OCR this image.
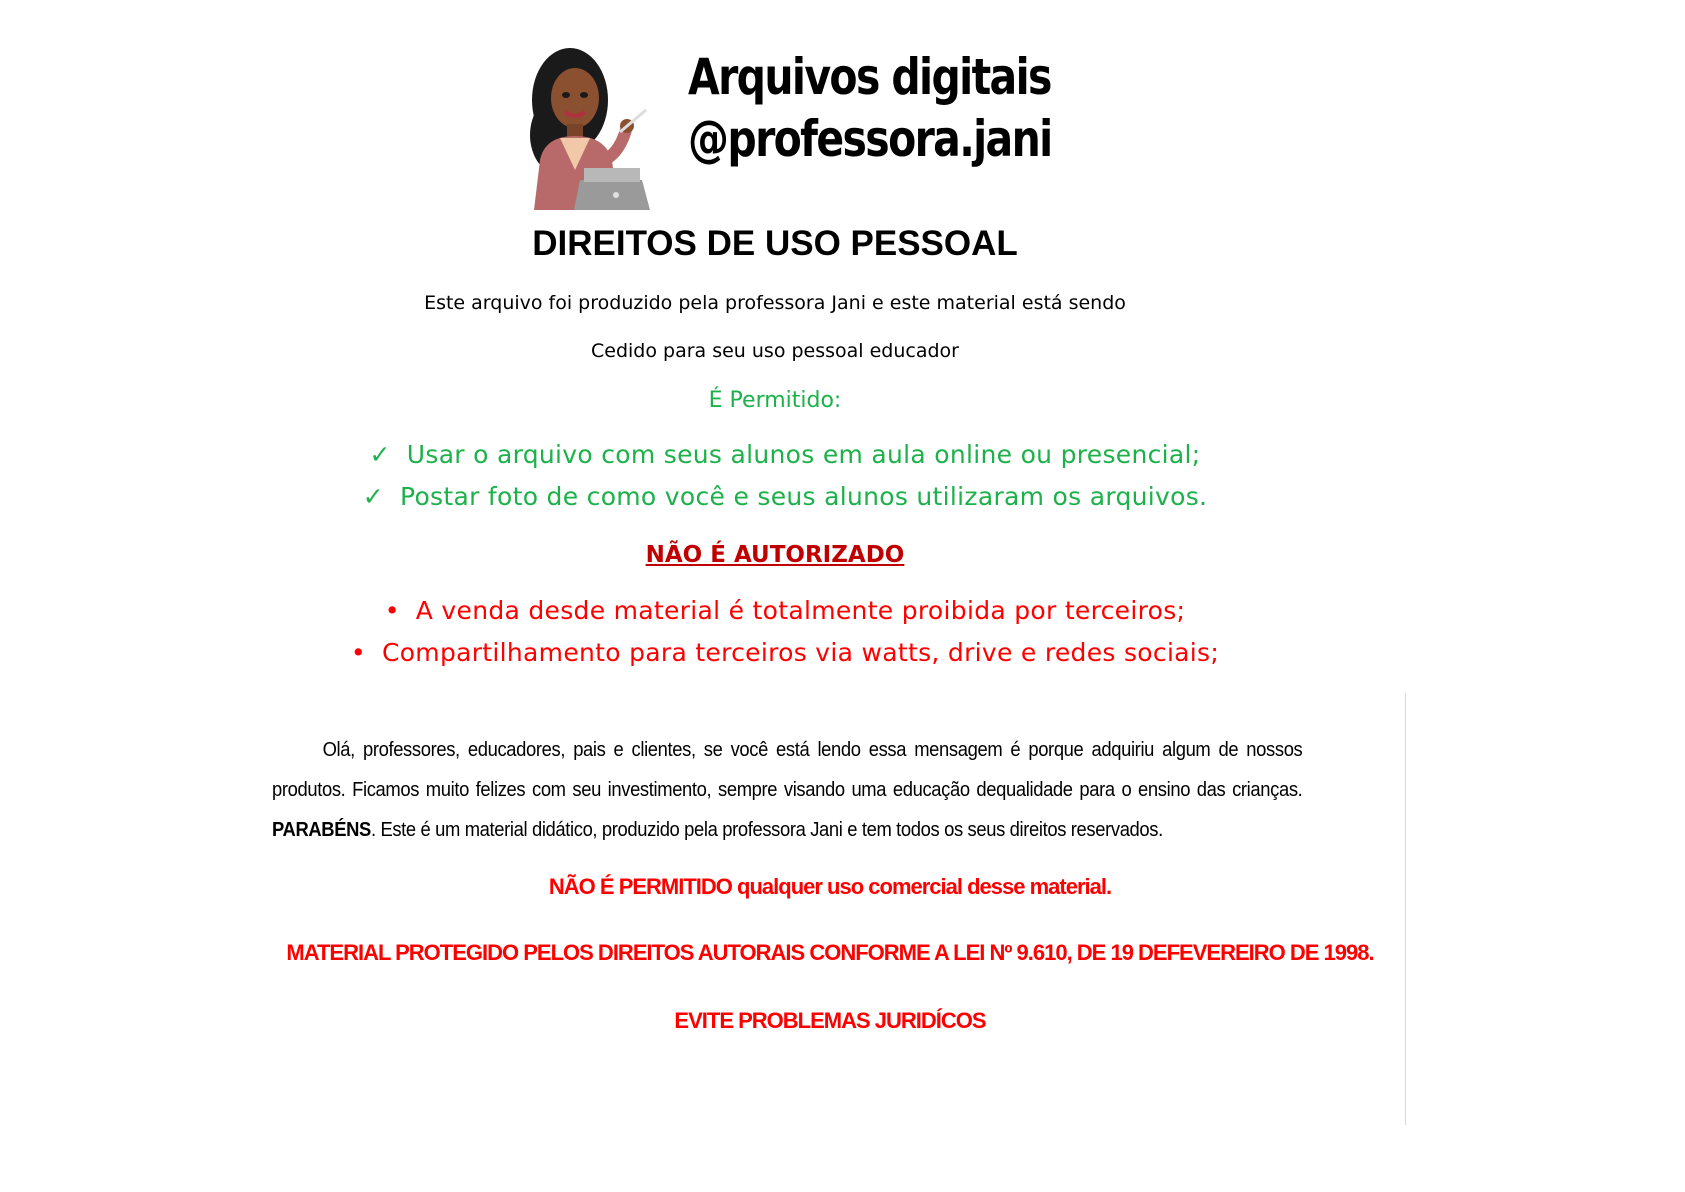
Arquivos digitais
@professora.jani
DIREITOS DE USO PESSOAL
Este arquivo foi produzido pela professora Jani e este material está sendo
Cedido para seu uso pessoal educador
É Permitido:
✓ Usar o arquivo com seus alunos em aula online ou presencial;
✓ Postar foto de como você e seus alunos utilizaram os arquivos.
NÃO É AUTORIZADO
• A venda desde material é totalmente proibida por terceiros;
• Compartilhamento para terceiros via watts, drive e redes sociais;
Olá, professores, educadores, pais e clientes, se você está lendo essa mensagem é porque adquiriu algum de nossos produtos. Ficamos muito felizes com seu investimento, sempre visando uma educação dequalidade para o ensino das crianças. PARABÉNS. Este é um material didático, produzido pela professora Jani e tem todos os seus direitos reservados.
NÃO É PERMITIDO qualquer uso comercial desse material.
MATERIAL PROTEGIDO PELOS DIREITOS AUTORAIS CONFORME A LEI Nº 9.610, DE 19 DEFEVEREIRO DE 1998.
EVITE PROBLEMAS JURIDÍCOS
